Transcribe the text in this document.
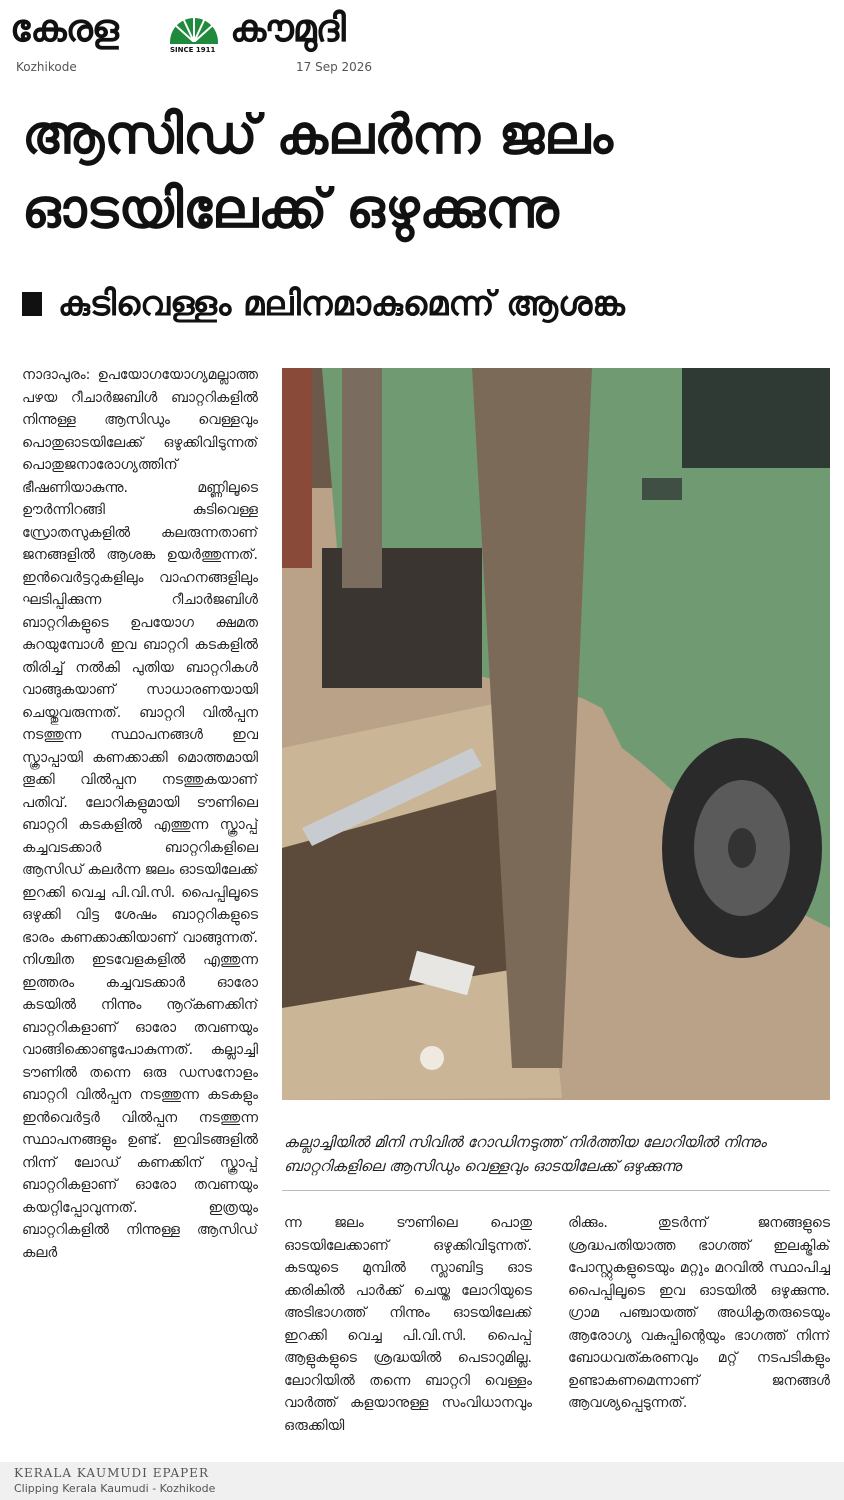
കേരള	SINCE 1911 കൗമുദി
Kozhikode	17 Sep 2026
ആസിഡ് കലർന്ന ജലം
ഓടയിലേക്ക് ഒഴുക്കുന്നു
കുടിവെള്ളം മലിനമാകുമെന്ന് ആശങ്ക
നാദാപുരം: ഉപയോഗയോഗ്യമല്ലാത്ത പഴയ റീചാർജബിൾ ബാറ്ററികളിൽ നിന്നുള്ള ആസിഡും വെള്ളവും പൊതുഓടയിലേക്ക് ഒഴുക്കിവിടുന്നത് പൊതുജനാരോഗ്യത്തിന് ഭീഷണിയാകുന്നു. മണ്ണിലൂടെ ഊർന്നിറങ്ങി കുടിവെള്ള സ്രോതസുകളിൽ കലരുന്നതാണ് ജനങ്ങളിൽ ആശങ്ക ഉയർത്തുന്നത്. ഇൻവെർട്ടറുകളിലും വാഹനങ്ങളിലും ഘടിപ്പിക്കുന്ന റീചാർജബിൾ ബാറ്ററികളുടെ ഉപയോഗ ക്ഷമത കുറയുമ്പോൾ ഇവ ബാറ്ററി കടകളിൽ തിരിച്ച് നൽകി പുതിയ ബാറ്ററികൾ വാങ്ങുകയാണ് സാധാരണയായി ചെയ്തുവരുന്നത്. ബാറ്ററി വിൽപ്പന നടത്തുന്ന സ്ഥാപനങ്ങൾ ഇവ സ്ക്രാപ്പായി കണക്കാക്കി മൊത്തമായി തൂക്കി വിൽപ്പന നടത്തുകയാണ് പതിവ്. ലോറികളുമായി ടൗണിലെ ബാറ്ററി കടകളിൽ എത്തുന്ന സ്ക്രാപ്പ് കച്ചവടക്കാർ ബാറ്ററികളിലെ ആസിഡ് കലർന്ന ജലം ഓടയിലേക്ക് ഇറക്കി വെച്ച പി.വി.സി. പൈപ്പിലൂടെ ഒഴുക്കി വിട്ട ശേഷം ബാറ്ററികളുടെ ഭാരം കണക്കാക്കിയാണ് വാങ്ങുന്നത്. നിശ്ചിത ഇടവേളകളിൽ എത്തുന്ന ഇത്തരം കച്ചവടക്കാർ ഓരോ കടയിൽ നിന്നും നൂറ്കണക്കിന് ബാറ്ററികളാണ് ഓരോ തവണയും വാങ്ങിക്കൊണ്ടുപോകുന്നത്. കല്ലാച്ചി ടൗണിൽ തന്നെ ഒരു ഡസനോളം ബാറ്ററി വിൽപ്പന നടത്തുന്ന കടകളും ഇൻവെർട്ടർ വിൽപ്പന നടത്തുന്ന സ്ഥാപനങ്ങളും ഉണ്ട്. ഇവിടങ്ങളിൽ നിന്ന് ലോഡ് കണക്കിന് സ്ക്രാപ്പ് ബാറ്ററികളാണ് ഓരോ തവണയും കയറ്റിപ്പോവുന്നത്. ഇത്രയും ബാറ്ററികളിൽ നിന്നുള്ള ആസിഡ് കലർ
കല്ലാച്ചിയിൽ മിനി സിവിൽ റോഡിനടുത്ത് നിർത്തിയ ലോറിയിൽ നിന്നും ബാറ്ററികളിലെ ആസിഡും വെള്ളവും ഓടയിലേക്ക് ഒഴുക്കുന്നു
ന്ന ജലം ടൗണിലെ പൊതു ഓടയിലേക്കാണ് ഒഴുക്കിവിടുന്നത്. കടയുടെ മുമ്പിൽ സ്ലാബിട്ട ഓട ക്കരികിൽ പാർക്ക് ചെയ്ത ലോറിയുടെ അടിഭാഗത്ത് നിന്നും ഓടയിലേക്ക് ഇറക്കി വെച്ച പി.വി.സി. പൈപ്പ് ആളുകളുടെ ശ്രദ്ധയിൽ പെടാറുമില്ല. ലോറിയിൽ തന്നെ ബാറ്ററി വെള്ളം വാർത്ത് കളയാനുള്ള സംവിധാനവും ഒരുക്കിയി
രിക്കും. തുടർന്ന് ജനങ്ങളുടെ ശ്രദ്ധപതിയാത്ത ഭാഗത്ത് ഇലക്ട്രിക് പോസ്റ്റുകളുടെയും മറ്റും മറവിൽ സ്ഥാപിച്ച പൈപ്പിലൂടെ ഇവ ഓടയിൽ ഒഴുക്കുന്നു. ഗ്രാമ പഞ്ചായത്ത് അധികൃതരുടെയും ആരോഗ്യ വകുപ്പിന്റെയും ഭാഗത്ത് നിന്ന് ബോധവത്കരണവും മറ്റ് നടപടികളും ഉണ്ടാകണമെന്നാണ് ജനങ്ങൾ ആവശ്യപ്പെടുന്നത്.
KERALA KAUMUDI EPAPER
Clipping Kerala Kaumudi - Kozhikode
